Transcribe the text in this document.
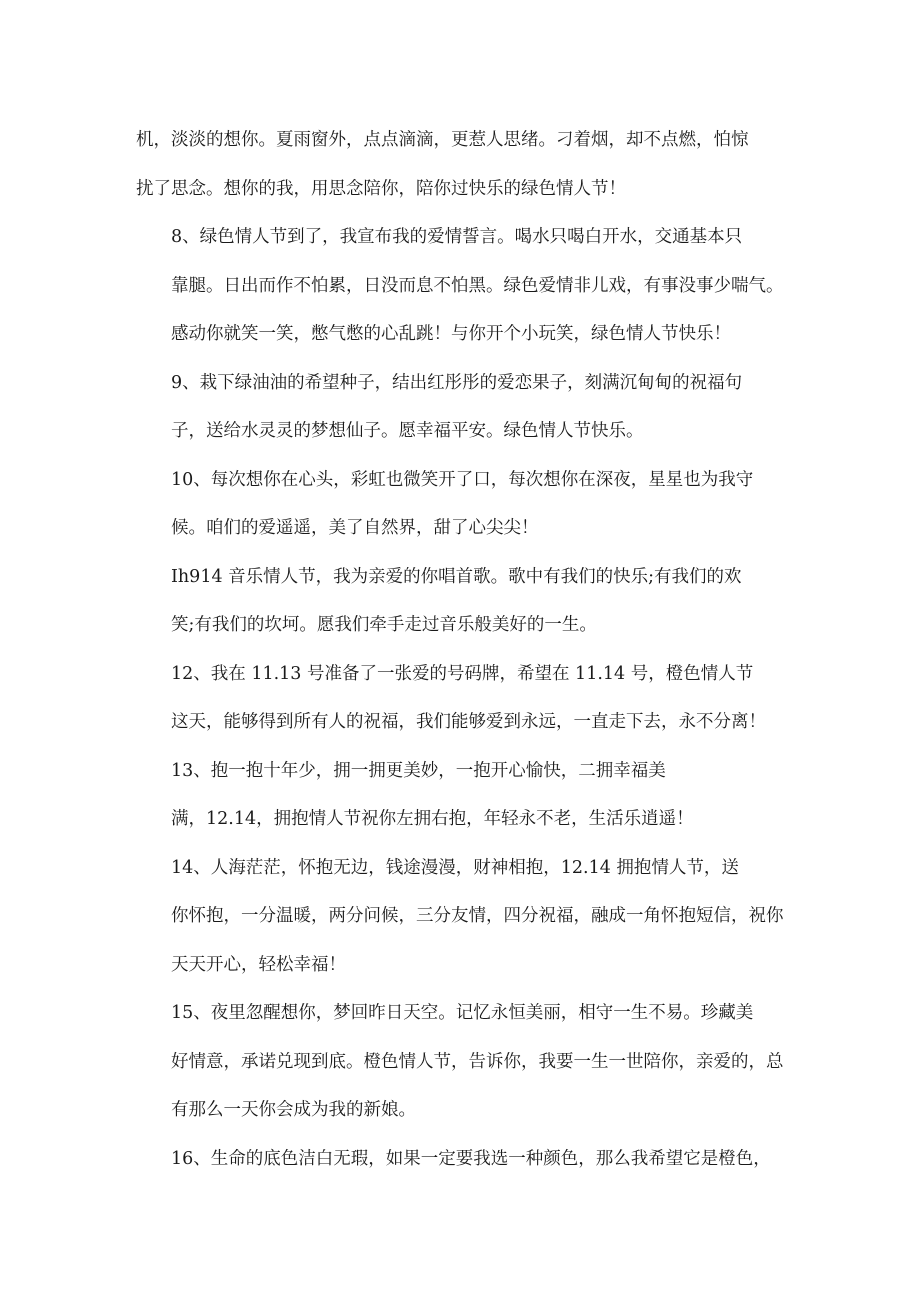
机，淡淡的想你。夏雨窗外，点点滴滴，更惹人思绪。刁着烟，却不点燃，怕惊
扰了思念。想你的我，用思念陪你，陪你过快乐的绿色情人节！

8、绿色情人节到了，我宣布我的爱情誓言。喝水只喝白开水，交通基本只
靠腿。日出而作不怕累，日没而息不怕黑。绿色爱情非儿戏，有事没事少喘气。
感动你就笑一笑，憋气憋的心乱跳！与你开个小玩笑，绿色情人节快乐！

9、栽下绿油油的希望种子，结出红彤彤的爱恋果子，刻满沉甸甸的祝福句
子，送给水灵灵的梦想仙子。愿幸福平安。绿色情人节快乐。

10、每次想你在心头，彩虹也微笑开了口，每次想你在深夜，星星也为我守
候。咱们的爱遥遥，美了自然界，甜了心尖尖！

Ih914 音乐情人节，我为亲爱的你唱首歌。歌中有我们的快乐;有我们的欢
笑;有我们的坎坷。愿我们牵手走过音乐般美好的一生。

12、我在 11.13 号准备了一张爱的号码牌，希望在 11.14 号，橙色情人节
这天，能够得到所有人的祝福，我们能够爱到永远，一直走下去，永不分离！

13、抱一抱十年少，拥一拥更美妙，一抱开心愉快，二拥幸福美
满，12.14，拥抱情人节祝你左拥右抱，年轻永不老，生活乐逍遥！

14、人海茫茫，怀抱无边，钱途漫漫，财神相抱，12.14 拥抱情人节，送
你怀抱，一分温暖，两分问候，三分友情，四分祝福，融成一角怀抱短信，祝你
天天开心，轻松幸福！

15、夜里忽醒想你，梦回昨日天空。记忆永恒美丽，相守一生不易。珍藏美
好情意，承诺兑现到底。橙色情人节，告诉你，我要一生一世陪你，亲爱的，总
有那么一天你会成为我的新娘。

16、生命的底色洁白无瑕，如果一定要我选一种颜色，那么我希望它是橙色，
